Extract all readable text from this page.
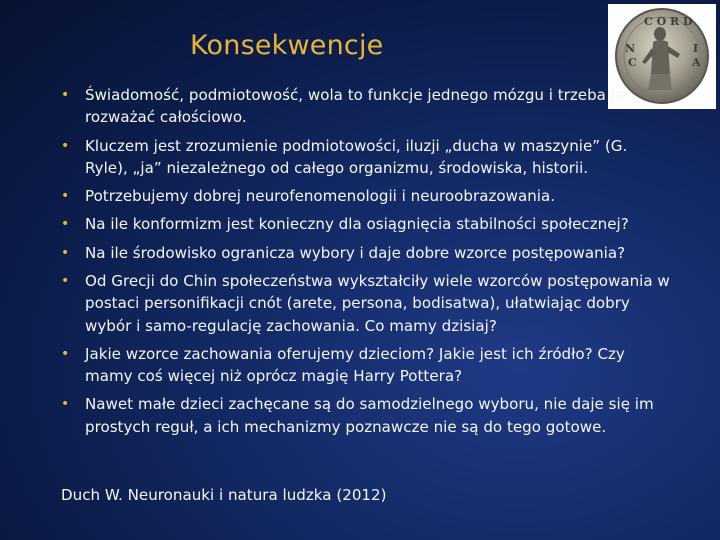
Konsekwencje
C O R D
N
C
I
A
•	Świadomość, podmiotowość, wola to funkcje jednego mózgu i trzeba je rozważać całościowo.
•	Kluczem jest zrozumienie podmiotowości, iluzji „ducha w maszynie” (G. Ryle), „ja” niezależnego od całego organizmu, środowiska, historii.
•	Potrzebujemy dobrej neurofenomenologii i neuroobrazowania.
•	Na ile konformizm jest konieczny dla osiągnięcia stabilności społecznej?
•	Na ile środowisko ogranicza wybory i daje dobre wzorce postępowania?
•	Od Grecji do Chin społeczeństwa wykształciły wiele wzorców postępowania w postaci personifikacji cnót (arete, persona, bodisatwa), ułatwiając dobry wybór i samo-regulację zachowania. Co mamy dzisiaj?
•	Jakie wzorce zachowania oferujemy dzieciom? Jakie jest ich źródło? Czy mamy coś więcej niż oprócz magię Harry Pottera?
•	Nawet małe dzieci zachęcane są do samodzielnego wyboru, nie daje się im prostych reguł, a ich mechanizmy poznawcze nie są do tego gotowe.
Duch W. Neuronauki i natura ludzka (2012)
